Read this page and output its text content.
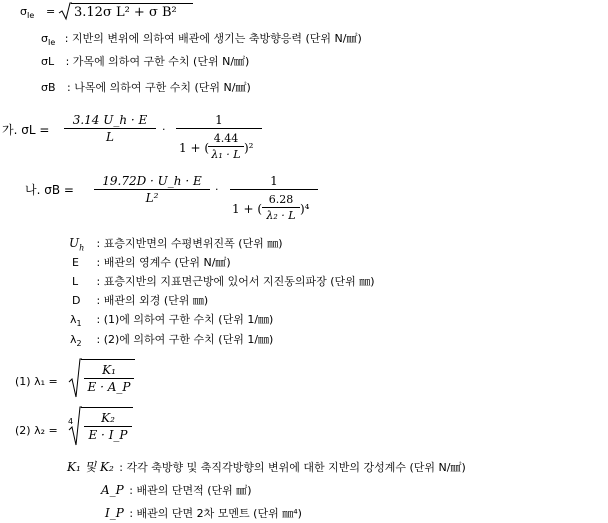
$\sigma_{Ie} = 3.12\sigma$ L² + σ B²
$\sigma_{Ie}$ : 지반의 변위에 의하여 배관에 생기는 축방향응력 (단위 N/㎟)
σL : 가목에 의하여 구한 수치 (단위 N/㎟)
σB : 나목에 의하여 구한 수치 (단위 N/㎟)
가. σL =
3.14 U_h · E
L
·
1
1 + (
4.44
λ₁ · L )²
나. σB =
19.72D · U_h · E
L²
·
1
1 + (
6.28
λ₂ · L )⁴
$U_h$ : 표층지반면의 수평변위진폭 (단위 ㎜)
E : 배관의 영계수 (단위 N/㎟)
L : 표층지반의 지표면근방에 있어서 지진동의파장 (단위 ㎜)
D : 배관의 외경 (단위 ㎜)
$\lambda_1$ : (1)에 의하여 구한 수치 (단위 1/㎜)
$\lambda_2$ : (2)에 의하여 구한 수치 (단위 1/㎜)
(1) λ₁ =
K₁
E · A_P
(2) λ₂ =
4	K₂
E · I_P
K₁ 및 K₂ : 각각 축방향 및 축직각방향의 변위에 대한 지반의 강성계수 (단위 N/㎟)
A_P : 배관의 단면적 (단위 ㎟)
I_P : 배관의 단면 2차 모멘트 (단위 ㎜⁴)
